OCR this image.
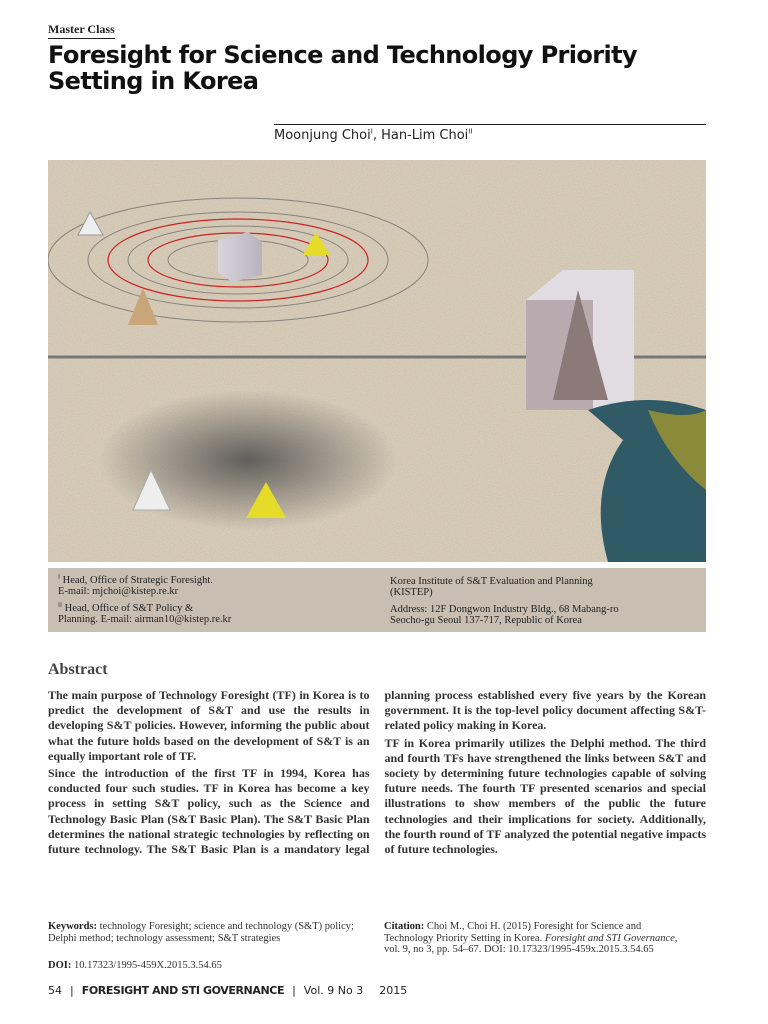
Master Class
Foresight for Science and Technology Priority Setting in Korea
Moonjung Choi$^I$, Han-Lim Choi$^{II}$
$^I$ Head, Office of Strategic Foresight.
E-mail: mjchoi@kistep.re.kr
$^{II}$ Head, Office of S&T Policy &
Planning. E-mail: airman10@kistep.re.kr
Korea Institute of S&T Evaluation and Planning
(KISTEP)
Address: 12F Dongwon Industry Bldg., 68 Mabang-ro
Seocho-gu Seoul 137-717, Republic of Korea
Abstract

The main purpose of Technology Foresight (TF) in Korea is to predict the development of S&T and use the results in developing S&T policies. However, informing the public about what the future holds based on the development of S&T is an equally important role of TF.

Since the introduction of the first TF in 1994, Korea has conducted four such studies. TF in Korea has become a key process in setting S&T policy, such as the Science and Technology Basic Plan (S&T Basic Plan). The S&T Basic Plan determines the national strategic technologies by reflecting on future technology. The S&T Basic Plan is a mandatory legal planning process established every five years by the Korean government. It is the top-level policy document affecting S&T-related policy making in Korea.

TF in Korea primarily utilizes the Delphi method. The third and fourth TFs have strengthened the links between S&T and society by determining future technologies capable of solving future needs. The fourth TF presented scenarios and special illustrations to show members of the public the future technologies and their implications for society. Additionally, the fourth round of TF analyzed the potential negative impacts of future technologies.

Keywords: technology Foresight; science and technology (S&T) policy; Delphi method; technology assessment; S&T strategies
DOI: 10.17323/1995-459X.2015.3.54.65
Citation: Choi M., Choi H. (2015) Foresight for Science and Technology Priority Setting in Korea. Foresight and STI Governance, vol. 9, no 3, pp. 54–67. DOI: 10.17323/1995-459x.2015.3.54.65
54 | FORESIGHT AND STI GOVERNANCE | Vol. 9 No 3 2015
